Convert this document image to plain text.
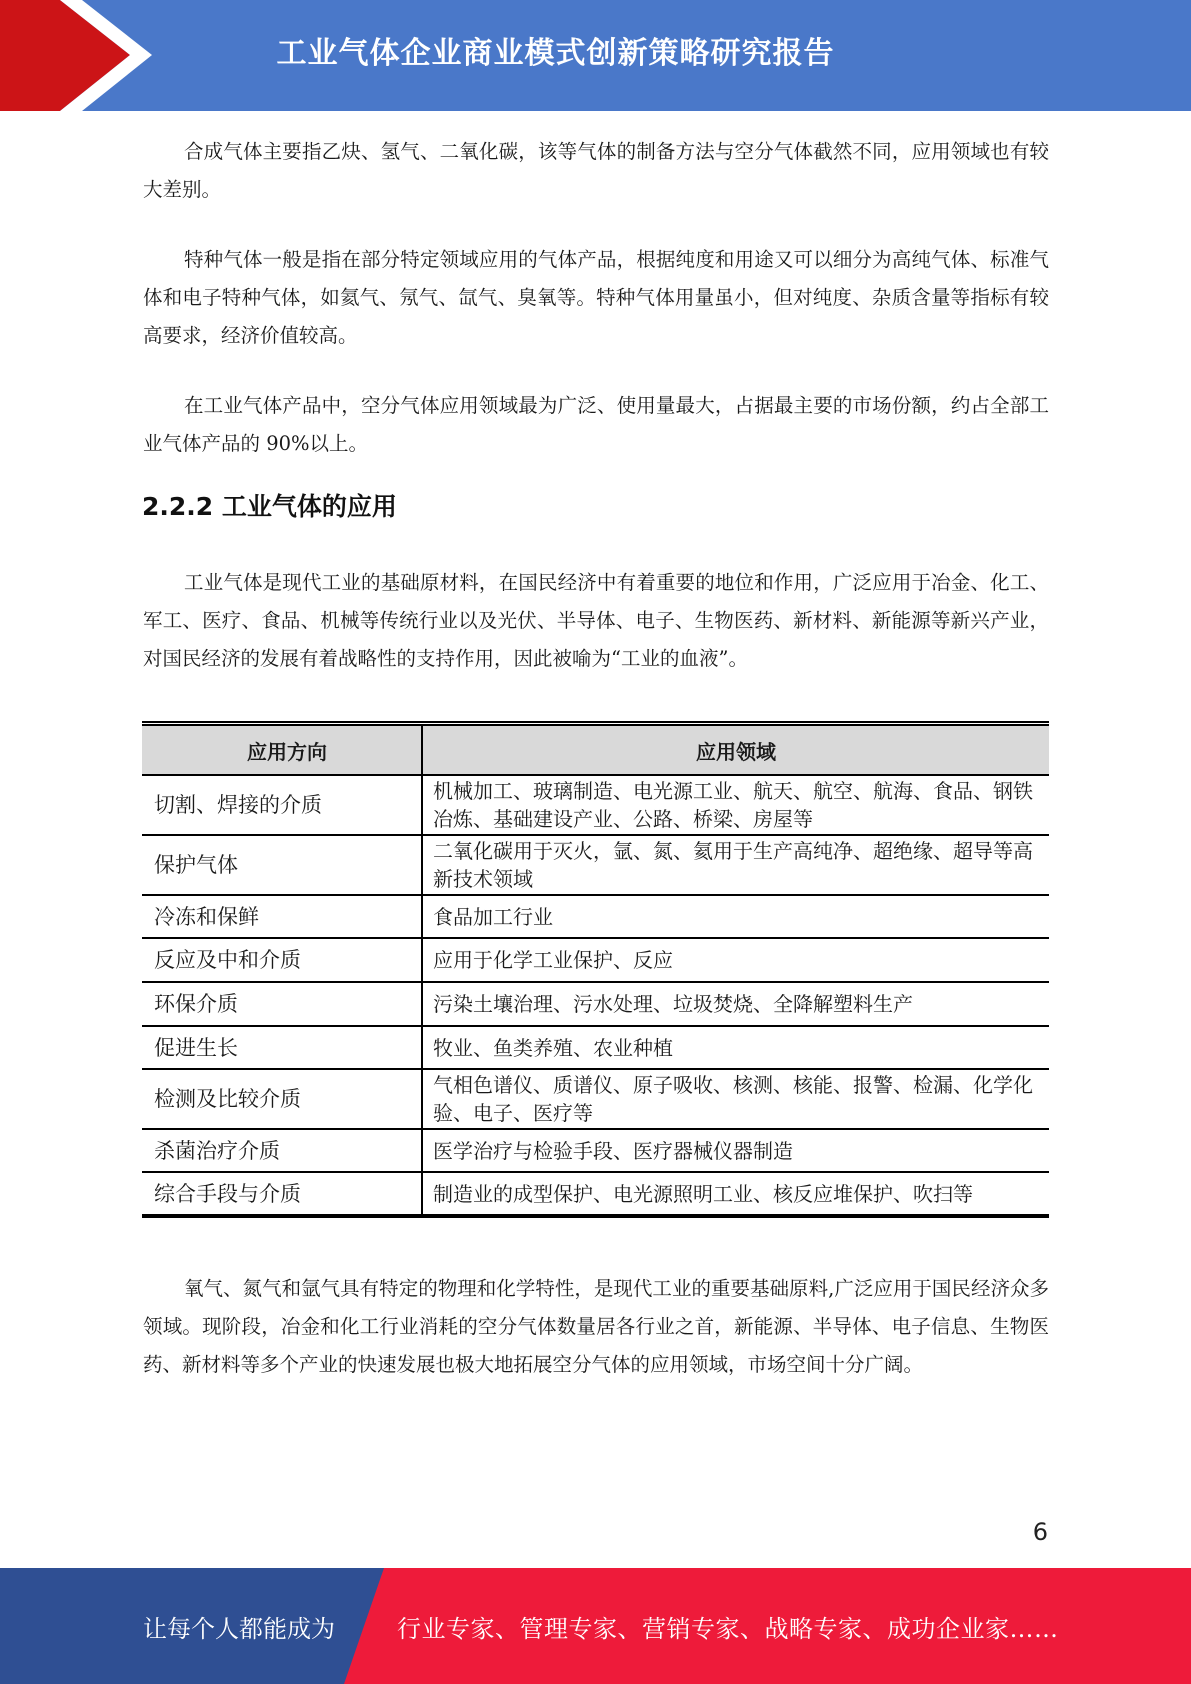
工业气体企业商业模式创新策略研究报告

合成气体主要指乙炔、氢气、二氧化碳，该等气体的制备方法与空分气体截然不同，应用领域也有较大差别。

特种气体一般是指在部分特定领域应用的气体产品，根据纯度和用途又可以细分为高纯气体、标准气体和电子特种气体，如氦气、氖气、氙气、臭氧等。特种气体用量虽小，但对纯度、杂质含量等指标有较高要求，经济价值较高。

在工业气体产品中，空分气体应用领域最为广泛、使用量最大，占据最主要的市场份额，约占全部工业气体产品的 90%以上。

2.2.2 工业气体的应用

工业气体是现代工业的基础原材料，在国民经济中有着重要的地位和作用，广泛应用于冶金、化工、军工、医疗、食品、机械等传统行业以及光伏、半导体、电子、生物医药、新材料、新能源等新兴产业，对国民经济的发展有着战略性的支持作用，因此被喻为“工业的血液”。

应用方向	应用领域
切割、焊接的介质	机械加工、玻璃制造、电光源工业、航天、航空、航海、食品、钢铁冶炼、基础建设产业、公路、桥梁、房屋等
保护气体	二氧化碳用于灭火，氩、氮、氦用于生产高纯净、超绝缘、超导等高新技术领域
冷冻和保鲜	食品加工行业
反应及中和介质	应用于化学工业保护、反应
环保介质	污染土壤治理、污水处理、垃圾焚烧、全降解塑料生产
促进生长	牧业、鱼类养殖、农业种植
检测及比较介质	气相色谱仪、质谱仪、原子吸收、核测、核能、报警、检漏、化学化验、电子、医疗等
杀菌治疗介质	医学治疗与检验手段、医疗器械仪器制造
综合手段与介质	制造业的成型保护、电光源照明工业、核反应堆保护、吹扫等

氧气、氮气和氩气具有特定的物理和化学特性，是现代工业的重要基础原料,广泛应用于国民经济众多领域。现阶段，冶金和化工行业消耗的空分气体数量居各行业之首，新能源、半导体、电子信息、生物医药、新材料等多个产业的快速发展也极大地拓展空分气体的应用领域，市场空间十分广阔。

6
让每个人都能成为	行业专家、管理专家、营销专家、战略专家、成功企业家……
